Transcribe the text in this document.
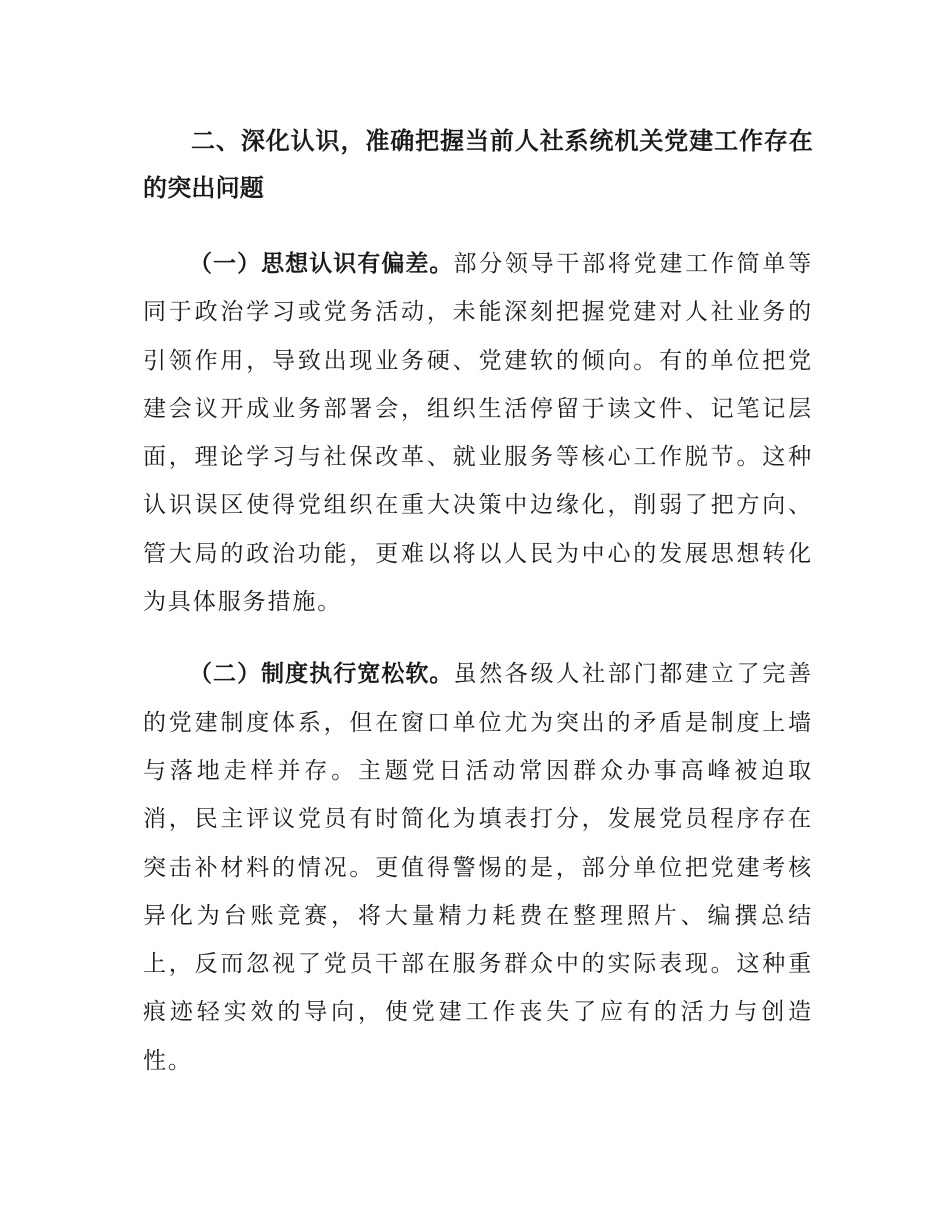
二、深化认识，准确把握当前人社系统机关党建工作存在的突出问题

（一）思想认识有偏差。部分领导干部将党建工作简单等同于政治学习或党务活动，未能深刻把握党建对人社业务的引领作用，导致出现业务硬、党建软的倾向。有的单位把党建会议开成业务部署会，组织生活停留于读文件、记笔记层面，理论学习与社保改革、就业服务等核心工作脱节。这种认识误区使得党组织在重大决策中边缘化，削弱了把方向、管大局的政治功能，更难以将以人民为中心的发展思想转化为具体服务措施。

（二）制度执行宽松软。虽然各级人社部门都建立了完善的党建制度体系，但在窗口单位尤为突出的矛盾是制度上墙与落地走样并存。主题党日活动常因群众办事高峰被迫取消，民主评议党员有时简化为填表打分，发展党员程序存在突击补材料的情况。更值得警惕的是，部分单位把党建考核异化为台账竞赛，将大量精力耗费在整理照片、编撰总结上，反而忽视了党员干部在服务群众中的实际表现。这种重痕迹轻实效的导向，使党建工作丧失了应有的活力与创造性。
